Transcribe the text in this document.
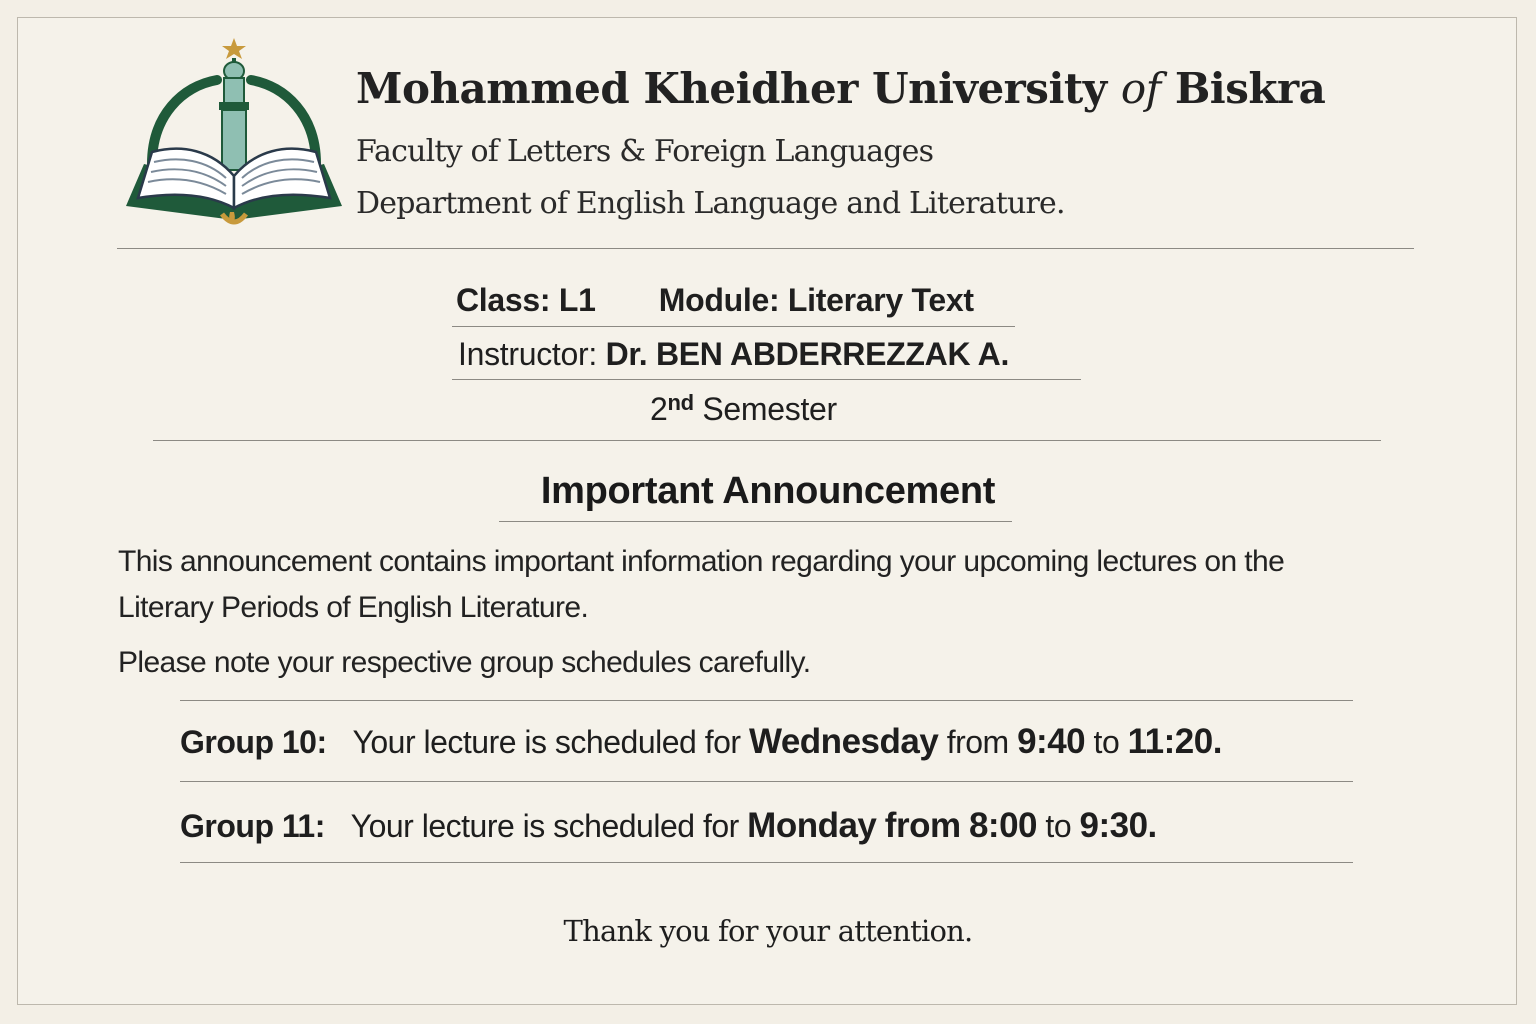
Mohammed Kheidher University of Biskra
Faculty of Letters & Foreign Languages
Department of English Language and Literature.
Class: L1 Module: Literary Text
Instructor: Dr. BEN ABDERREZZAK A.
2nd Semester
Important Announcement
This announcement contains important information regarding your upcoming lectures on the
Literary Periods of English Literature.
Please note your respective group schedules carefully.
Group 10: Your lecture is scheduled for Wednesday from 9:40 to 11:20.
Group 11: Your lecture is scheduled for Monday from 8:00 to 9:30.
Thank you for your attention.
